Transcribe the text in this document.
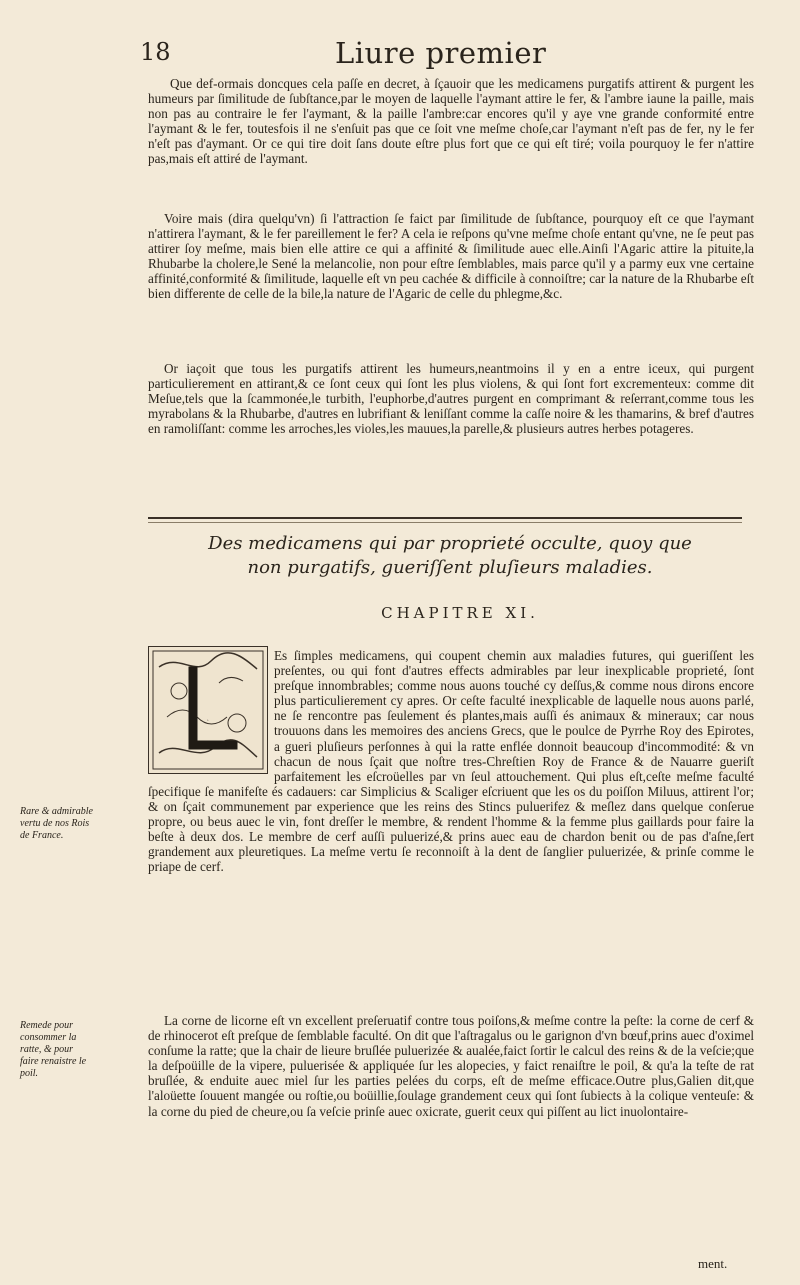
18	Liure premier

Que def-ormais doncques cela paſſe en decret, à ſçauoir que les medicamens purgatifs attirent & purgent les humeurs par ſimilitude de ſubſtance,par le moyen de laquelle l'aymant attire le fer, & l'ambre iaune la paille, mais non pas au contraire le fer l'aymant, & la paille l'ambre:car encores qu'il y aye vne grande conformité entre l'aymant & le fer, toutesfois il ne s'enſuit pas que ce ſoit vne meſme choſe,car l'aymant n'eſt pas de fer, ny le fer n'eſt pas d'aymant. Or ce qui tire doit ſans doute eſtre plus fort que ce qui eſt tiré; voila pourquoy le fer n'attire pas,mais eſt attiré de l'aymant.

Voire mais (dira quelqu'vn) ſi l'attraction ſe faict par ſimilitude de ſubſtance, pourquoy eſt ce que l'aymant n'attirera l'aymant, & le fer pareillement le fer? A cela ie reſpons qu'vne meſme choſe entant qu'vne, ne ſe peut pas attirer ſoy meſme, mais bien elle attire ce qui a affinité & ſimilitude auec elle.Ainſi l'Agaric attire la pituite,la Rhubarbe la cholere,le Sené la melancolie, non pour eſtre ſemblables, mais parce qu'il y a parmy eux vne certaine affinité,conformité & ſimilitude, laquelle eſt vn peu cachée & difficile à connoiſtre; car la nature de la Rhubarbe eſt bien differente de celle de la bile,la nature de l'Agaric de celle du phlegme,&c.

Or iaçoit que tous les purgatifs attirent les humeurs,neantmoins il y en a entre iceux, qui purgent particulierement en attirant,& ce ſont ceux qui ſont les plus violens, & qui ſont fort excrementeux: comme dit Meſue,tels que la ſcammonée,le turbith, l'euphorbe,d'autres purgent en comprimant & reſerrant,comme tous les myrabolans & la Rhubarbe, d'autres en lubrifiant & leniſſant comme la caſſe noire & les thamarins, & bref d'autres en ramoliſſant: comme les arroches,les violes,les mauues,la parelle,& plusieurs autres herbes potageres.

Des medicamens qui par proprieté occulte, quoy que non purgatifs, gueriſſent pluſieurs maladies.
CHAPITRE XI.
L

Es ſimples medicamens, qui coupent chemin aux maladies futures, qui gueriſſent les preſentes, ou qui font d'autres effects admirables par leur inexplicable proprieté, ſont preſque innombrables; comme nous auons touché cy deſſus,& comme nous dirons encore plus particulierement cy apres. Or ceſte faculté inexplicable de laquelle nous auons parlé, ne ſe rencontre pas ſeulement és plantes,mais auſſi és animaux & mineraux; car nous trouuons dans les memoires des anciens Grecs, que le poulce de Pyrrhe Roy des Epirotes, a gueri pluſieurs perſonnes à qui la ratte enflée donnoit beaucoup d'incommodité: & vn chacun de nous ſçait que noſtre tres-Chreſtien Roy de France & de Nauarre gueriſt parfaitement les eſcroüelles par vn ſeul attouchement. Qui plus eſt,ceſte meſme faculté ſpecifique ſe manifeſte és cadauers: car Simplicius & Scaliger eſcriuent que les os du poiſſon Miluus, attirent l'or; & on ſçait communement par experience que les reins des Stincs puluerifez & meſlez dans quelque conſerue propre, ou beus auec le vin, font dreſſer le membre, & rendent l'homme & la femme plus gaillards pour faire la beſte à deux dos. Le membre de cerf auſſi puluerizé,& prins auec eau de chardon benit ou de pas d'aſne,ſert grandement aux pleuretiques. La meſme vertu ſe reconnoiſt à la dent de ſanglier puluerizée, & prinſe comme le priape de cerf.

La corne de licorne eſt vn excellent preſeruatif contre tous poiſons,& meſme contre la peſte: la corne de cerf & de rhinocerot eſt preſque de ſemblable faculté. On dit que l'aſtragalus ou le garignon d'vn bœuf,prins auec d'oximel conſume la ratte; que la chair de lieure bruſlée puluerizée & aualée,faict ſortir le calcul des reins & de la veſcie;que la deſpoüille de la vipere, puluerisée & appliquée ſur les alopecies, y faict renaiſtre le poil, & qu'a la teſte de rat bruſlée, & enduite auec miel ſur les parties pelées du corps, eſt de meſme efficace.Outre plus,Galien dit,que l'aloüette ſouuent mangée ou roſtie,ou boüillie,ſoulage grandement ceux qui ſont ſubiects à la colique venteuſe: & la corne du pied de cheure,ou ſa veſcie prinſe auec oxicrate, guerit ceux qui piſſent au lict inuolontaire-

Rare & admirable vertu de nos Rois de France.
Remede pour consommer la ratte, & pour faire renaistre le poil.
ment.
